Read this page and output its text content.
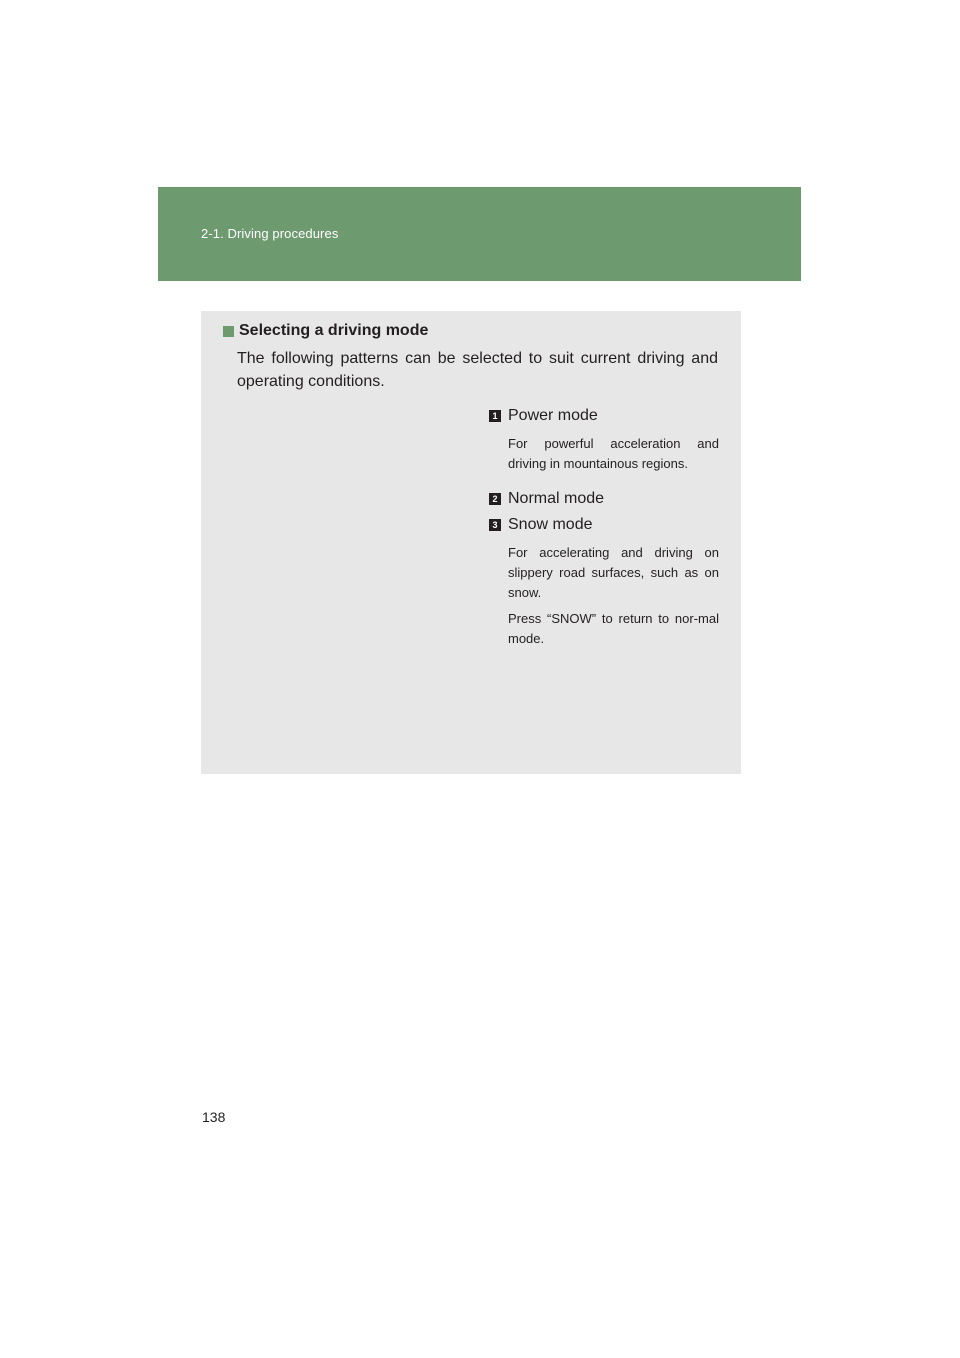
2-1. Driving procedures
Selecting a driving mode
The following patterns can be selected to suit current driving and operating conditions.
1 Power mode
For powerful acceleration and driving in mountainous regions.
2 Normal mode
3 Snow mode
For accelerating and driving on slippery road surfaces, such as on snow.
Press “SNOW” to return to nor-mal mode.
138
